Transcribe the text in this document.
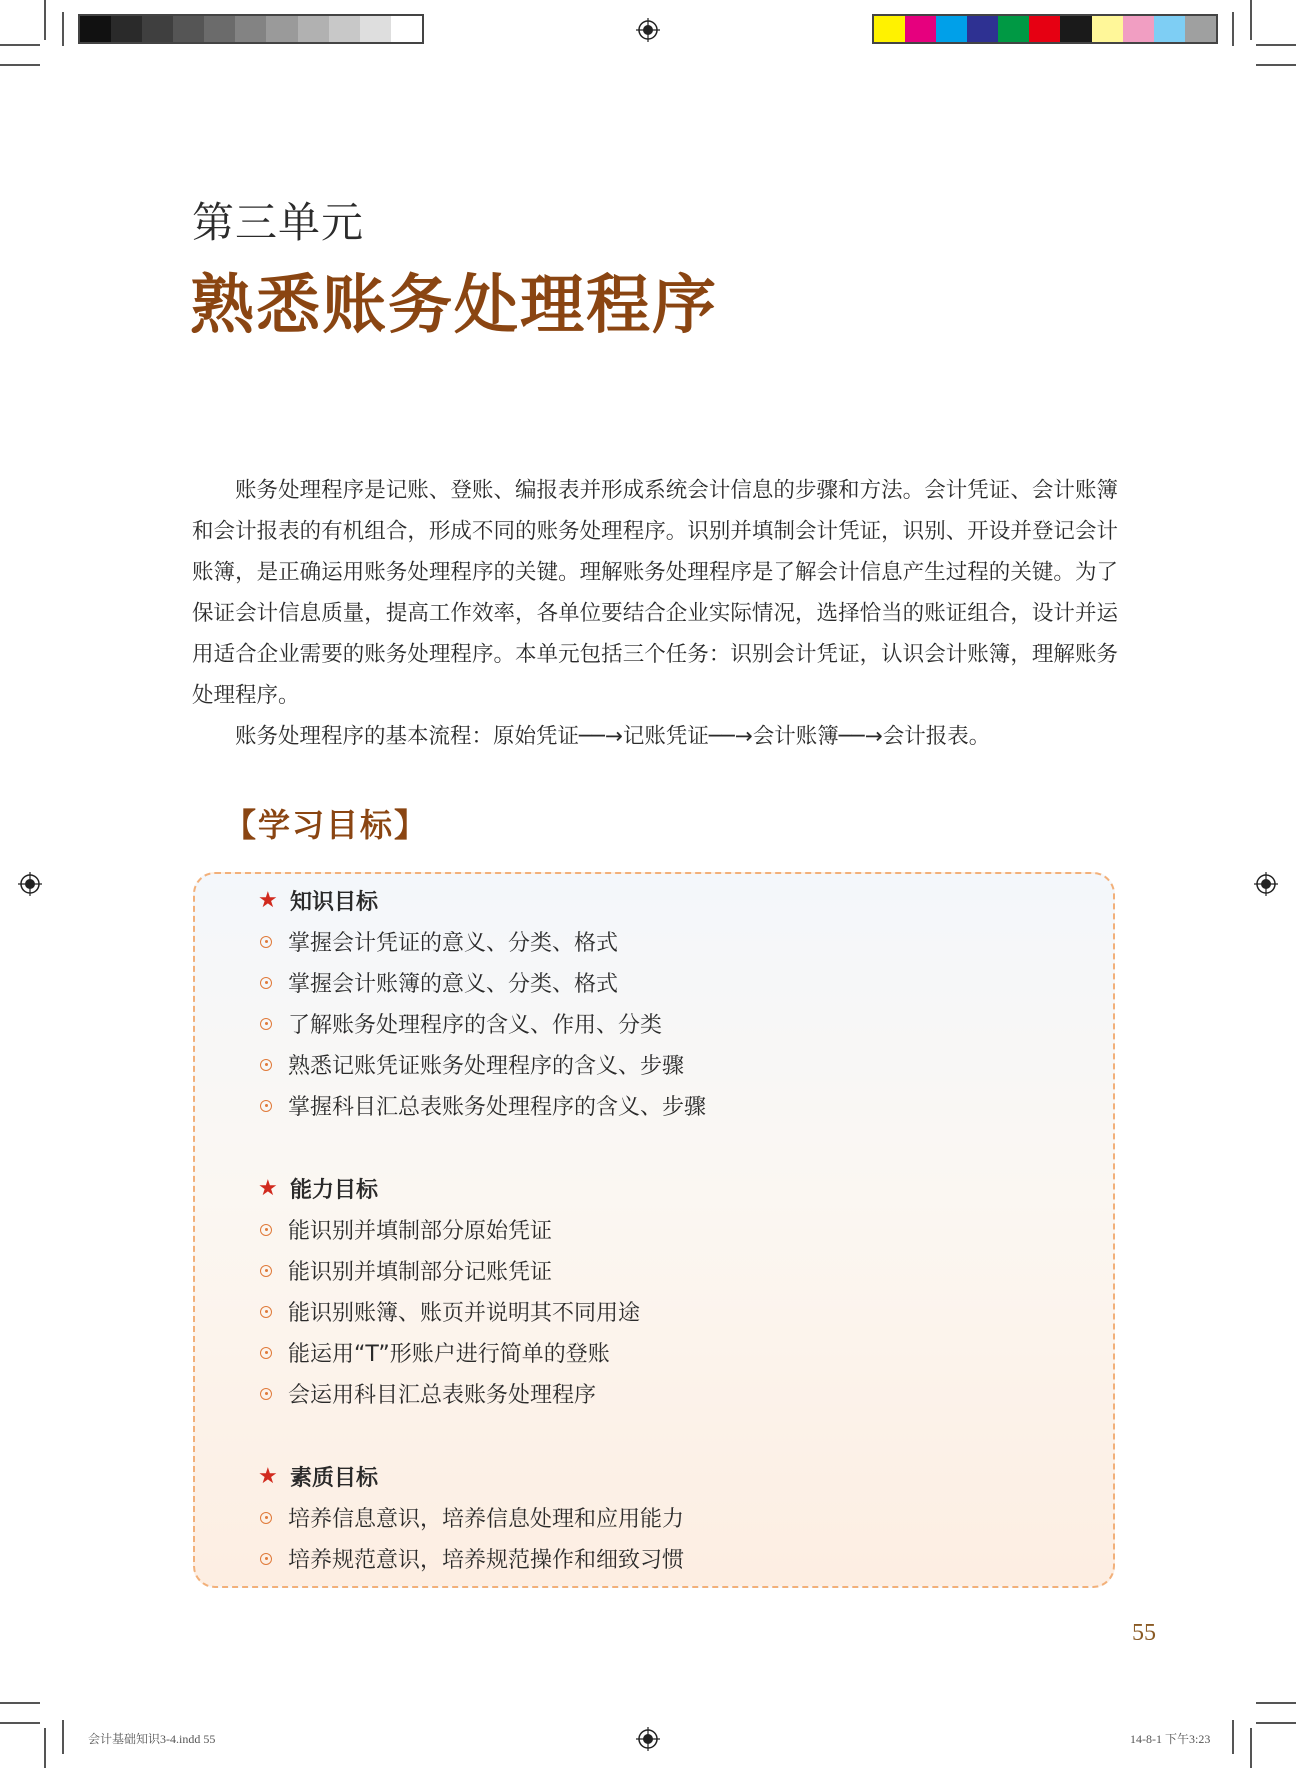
第三单元
熟悉账务处理程序

账务处理程序是记账、登账、编报表并形成系统会计信息的步骤和方法。会计凭证、会计账簿和会计报表的有机组合，形成不同的账务处理程序。识别并填制会计凭证，识别、开设并登记会计账簿，是正确运用账务处理程序的关键。理解账务处理程序是了解会计信息产生过程的关键。为了保证会计信息质量，提高工作效率，各单位要结合企业实际情况，选择恰当的账证组合，设计并运用适合企业需要的账务处理程序。本单元包括三个任务：识别会计凭证，认识会计账簿，理解账务处理程序。

账务处理程序的基本流程：原始凭证──→记账凭证──→会计账簿──→会计报表。

【学习目标】
★ 知识目标
掌握会计凭证的意义、分类、格式
掌握会计账簿的意义、分类、格式
了解账务处理程序的含义、作用、分类
熟悉记账凭证账务处理程序的含义、步骤
掌握科目汇总表账务处理程序的含义、步骤
★ 能力目标
能识别并填制部分原始凭证
能识别并填制部分记账凭证
能识别账簿、账页并说明其不同用途
能运用“T”形账户进行简单的登账
会运用科目汇总表账务处理程序
★ 素质目标
培养信息意识，培养信息处理和应用能力
培养规范意识，培养规范操作和细致习惯
55
会计基础知识3-4.indd 55	14-8-1 下午3:23
